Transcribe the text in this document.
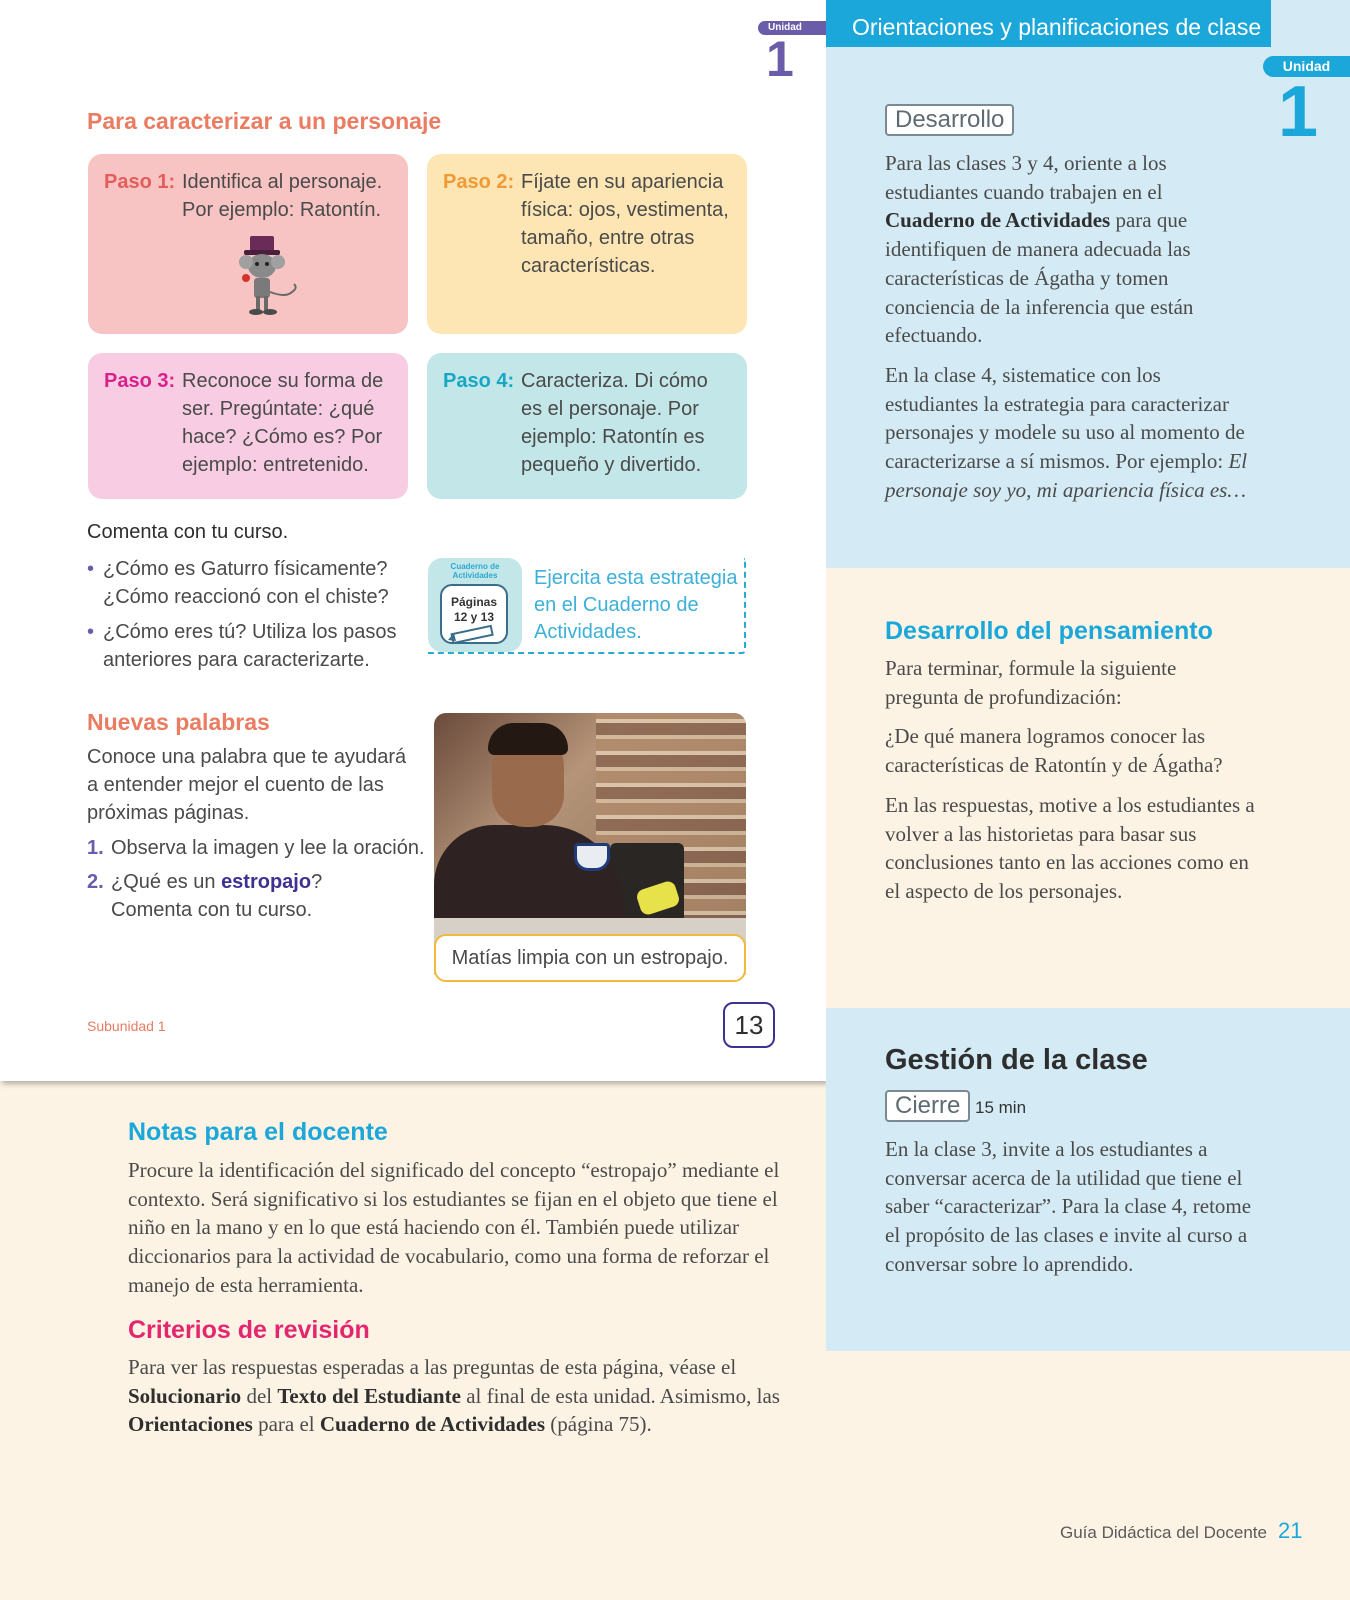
Unidad
1
Para caracterizar a un personaje
Paso 1: Identifica al personaje. Por ejemplo: Ratontín.
Paso 2: Fíjate en su apariencia física: ojos, vestimenta, tamaño, entre otras características.
Paso 3: Reconoce su forma de ser. Pregúntate: ¿qué hace? ¿Cómo es? Por ejemplo: entretenido.
Paso 4: Caracteriza. Di cómo es el personaje. Por ejemplo: Ratontín es pequeño y divertido.
Comenta con tu curso.
• ¿Cómo es Gaturro físicamente? ¿Cómo reaccionó con el chiste?
• ¿Cómo eres tú? Utiliza los pasos anteriores para caracterizarte.
Cuaderno de Actividades
Páginas
12 y 13
Ejercita esta estrategia en el Cuaderno de Actividades.
Nuevas palabras
Conoce una palabra que te ayudará a entender mejor el cuento de las próximas páginas.
1. Observa la imagen y lee la oración.
2. ¿Qué es un estropajo?
Comenta con tu curso.
Matías limpia con un estropajo.
Subunidad 1	13
Orientaciones y planificaciones de clase
Unidad
1
Desarrollo

Para las clases 3 y 4, oriente a los estudiantes cuando trabajen en el Cuaderno de Actividades para que identifiquen de manera adecuada las características de Ágatha y tomen conciencia de la inferencia que están efectuando.

En la clase 4, sistematice con los estudiantes la estrategia para caracterizar personajes y modele su uso al momento de caracterizarse a sí mismos. Por ejemplo: El personaje soy yo, mi apariencia física es…

Desarrollo del pensamiento

Para terminar, formule la siguiente pregunta de profundización:

¿De qué manera logramos conocer las características de Ratontín y de Ágatha?

En las respuestas, motive a los estudiantes a volver a las historietas para basar sus conclusiones tanto en las acciones como en el aspecto de los personajes.

Gestión de la clase
Cierre 15 min

En la clase 3, invite a los estudiantes a conversar acerca de la utilidad que tiene el saber “caracterizar”. Para la clase 4, retome el propósito de las clases e invite al curso a conversar sobre lo aprendido.

Notas para el docente
Procure la identificación del significado del concepto “estropajo” mediante el contexto. Será significativo si los estudiantes se fijan en el objeto que tiene el niño en la mano y en lo que está haciendo con él. También puede utilizar diccionarios para la actividad de vocabulario, como una forma de reforzar el manejo de esta herramienta.
Criterios de revisión
Para ver las respuestas esperadas a las preguntas de esta página, véase el Solucionario del Texto del Estudiante al final de esta unidad. Asimismo, las Orientaciones para el Cuaderno de Actividades (página 75).
Guía Didáctica del Docente 21
